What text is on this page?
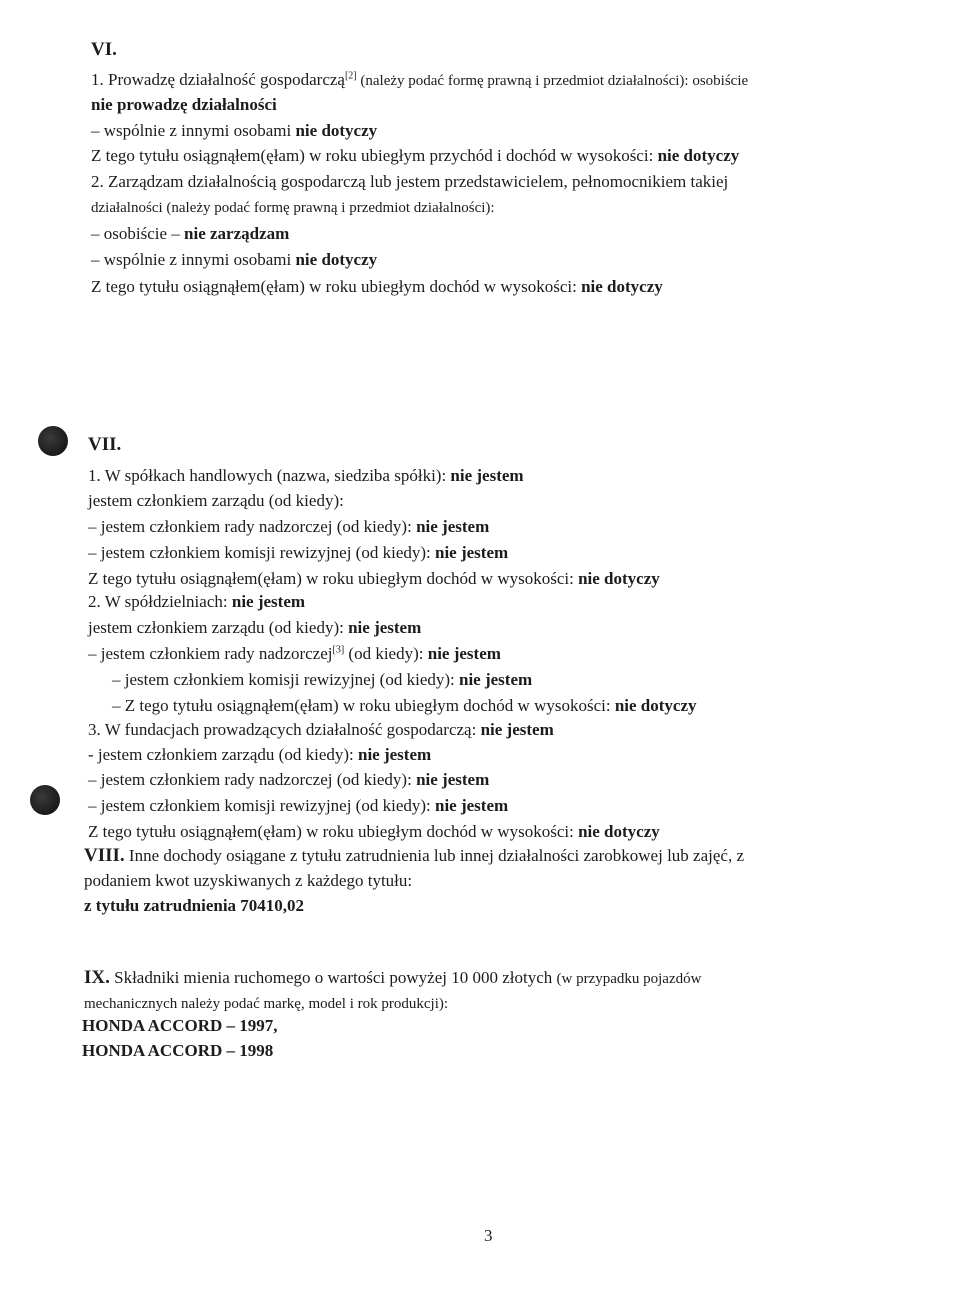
VI.
1. Prowadzę działalność gospodarczą[2] (należy podać formę prawną i przedmiot działalności): osobiście
nie prowadzę działalności
– wspólnie z innymi osobami nie dotyczy
Z tego tytułu osiągnąłem(ęłam) w roku ubiegłym przychód i dochód w wysokości: nie dotyczy
2. Zarządzam działalnością gospodarczą lub jestem przedstawicielem, pełnomocnikiem takiej
działalności (należy podać formę prawną i przedmiot działalności):
– osobiście – nie zarządzam
– wspólnie z innymi osobami nie dotyczy
Z tego tytułu osiągnąłem(ęłam) w roku ubiegłym dochód w wysokości: nie dotyczy
VII.
1. W spółkach handlowych (nazwa, siedziba spółki): nie jestem
jestem członkiem zarządu (od kiedy):
– jestem członkiem rady nadzorczej (od kiedy): nie jestem
– jestem członkiem komisji rewizyjnej (od kiedy): nie jestem
Z tego tytułu osiągnąłem(ęłam) w roku ubiegłym dochód w wysokości: nie dotyczy
2. W spółdzielniach: nie jestem
jestem członkiem zarządu (od kiedy): nie jestem
– jestem członkiem rady nadzorczej[3] (od kiedy): nie jestem
– jestem członkiem komisji rewizyjnej (od kiedy): nie jestem
– Z tego tytułu osiągnąłem(ęłam) w roku ubiegłym dochód w wysokości: nie dotyczy
3. W fundacjach prowadzących działalność gospodarczą: nie jestem
- jestem członkiem zarządu (od kiedy): nie jestem
– jestem członkiem rady nadzorczej (od kiedy): nie jestem
– jestem członkiem komisji rewizyjnej (od kiedy): nie jestem
Z tego tytułu osiągnąłem(ęłam) w roku ubiegłym dochód w wysokości: nie dotyczy
VIII. Inne dochody osiągane z tytułu zatrudnienia lub innej działalności zarobkowej lub zajęć, z
podaniem kwot uzyskiwanych z każdego tytułu:
z tytułu zatrudnienia 70410,02
IX. Składniki mienia ruchomego o wartości powyżej 10 000 złotych (w przypadku pojazdów
mechanicznych należy podać markę, model i rok produkcji):
HONDA ACCORD – 1997,
HONDA ACCORD – 1998
3
